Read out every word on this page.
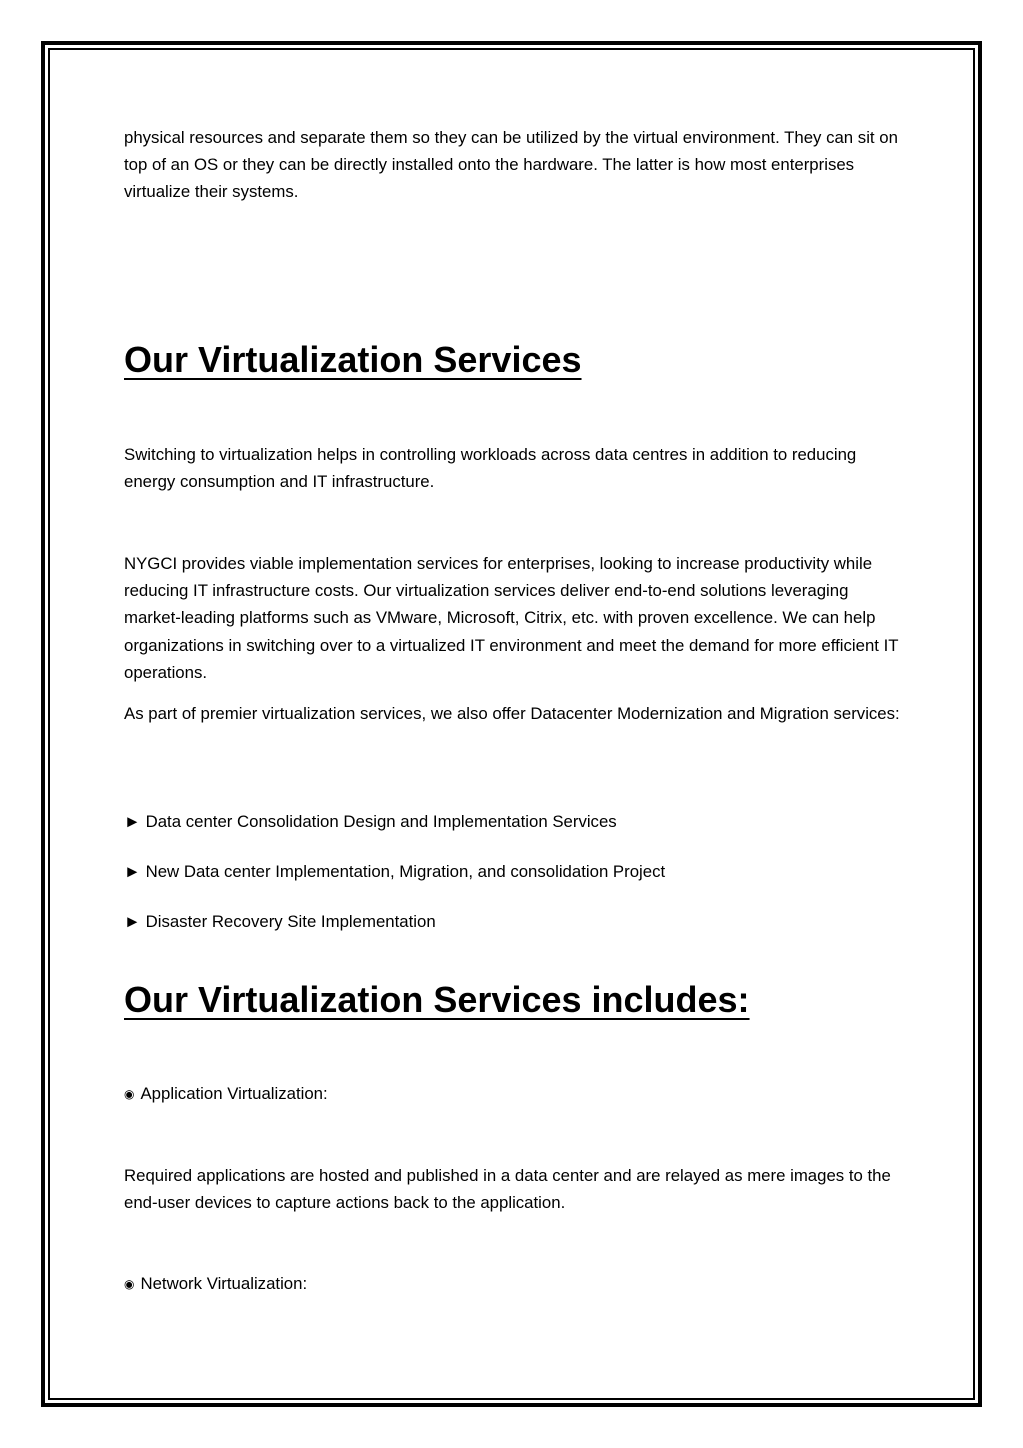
physical resources and separate them so they can be utilized by the virtual environment. They can sit on top of an OS or they can be directly installed onto the hardware. The latter is how most enterprises virtualize their systems.

Our Virtualization Services

Switching to virtualization helps in controlling workloads across data centres in addition to reducing energy consumption and IT infrastructure.

NYGCI provides viable implementation services for enterprises, looking to increase productivity while reducing IT infrastructure costs. Our virtualization services deliver end-to-end solutions leveraging market-leading platforms such as VMware, Microsoft, Citrix, etc. with proven excellence. We can help organizations in switching over to a virtualized IT environment and meet the demand for more efficient IT operations.

As part of premier virtualization services, we also offer Datacenter Modernization and Migration services:

► Data center Consolidation Design and Implementation Services
► New Data center Implementation, Migration, and consolidation Project
► Disaster Recovery Site Implementation
Our Virtualization Services includes:
◉ Application Virtualization:

Required applications are hosted and published in a data center and are relayed as mere images to the end-user devices to capture actions back to the application.

◉ Network Virtualization:
